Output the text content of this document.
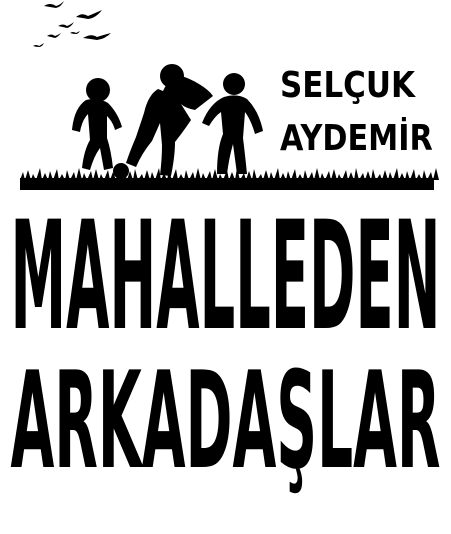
SELÇUK
AYDEMİR
MAHALLEDEN
ARKADAŞLAR
